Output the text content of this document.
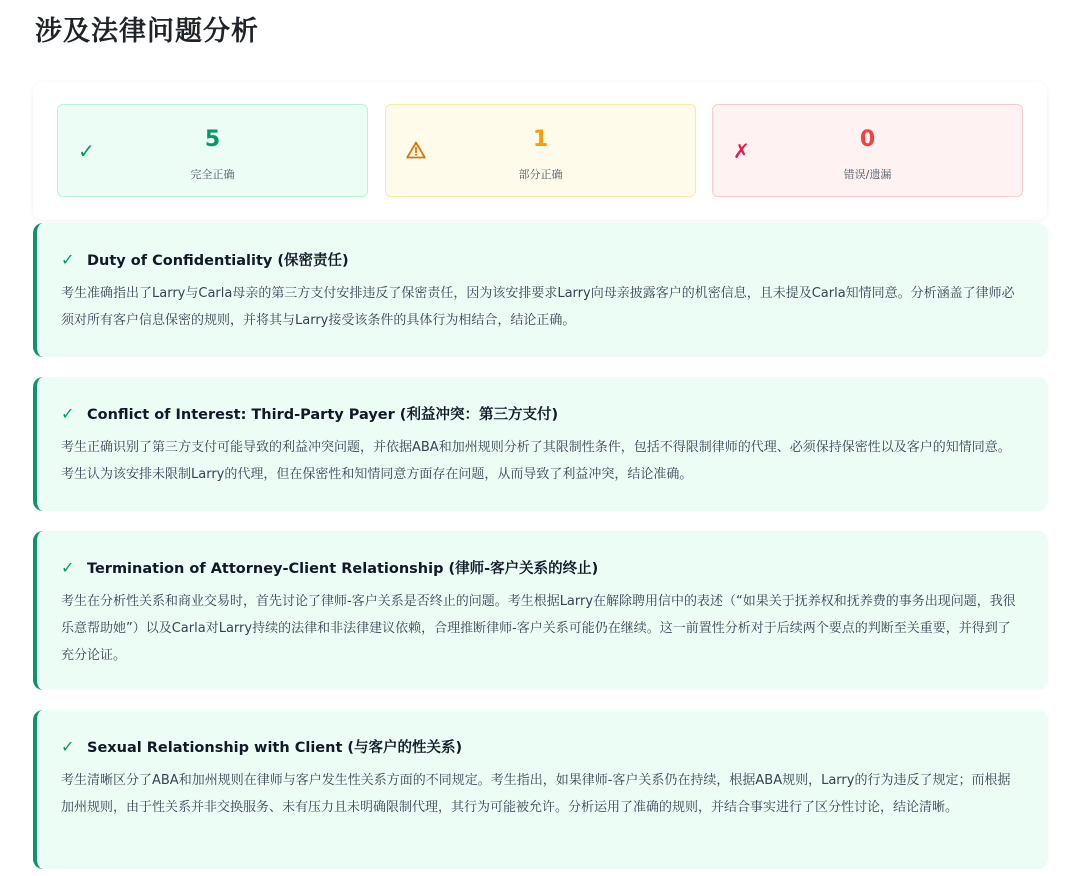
涉及法律问题分析
✓	5
完全正确
1
部分正确
✗	0
错误/遗漏
✓ Duty of Confidentiality (保密责任)

考生准确指出了Larry与Carla母亲的第三方支付安排违反了保密责任，因为该安排要求Larry向母亲披露客户的机密信息，且未提及Carla知情同意。分析涵盖了律师必须对所有客户信息保密的规则，并将其与Larry接受该条件的具体行为相结合，结论正确。

✓ Conflict of Interest: Third-Party Payer (利益冲突：第三方支付)

考生正确识别了第三方支付可能导致的利益冲突问题，并依据ABA和加州规则分析了其限制性条件，包括不得限制律师的代理、必须保持保密性以及客户的知情同意。考生认为该安排未限制Larry的代理，但在保密性和知情同意方面存在问题，从而导致了利益冲突，结论准确。

✓ Termination of Attorney-Client Relationship (律师-客户关系的终止)

考生在分析性关系和商业交易时，首先讨论了律师-客户关系是否终止的问题。考生根据Larry在解除聘用信中的表述（“如果关于抚养权和抚养费的事务出现问题，我很乐意帮助她”）以及Carla对Larry持续的法律和非法律建议依赖，合理推断律师-客户关系可能仍在继续。这一前置性分析对于后续两个要点的判断至关重要，并得到了充分论证。

✓ Sexual Relationship with Client (与客户的性关系)

考生清晰区分了ABA和加州规则在律师与客户发生性关系方面的不同规定。考生指出，如果律师-客户关系仍在持续，根据ABA规则，Larry的行为违反了规定；而根据加州规则，由于性关系并非交换服务、未有压力且未明确限制代理，其行为可能被允许。分析运用了准确的规则，并结合事实进行了区分性讨论，结论清晰。
